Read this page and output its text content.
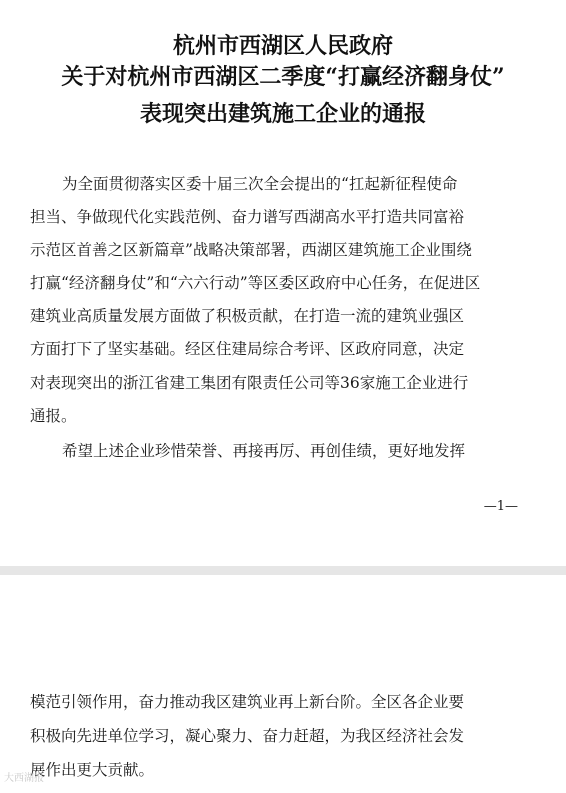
杭州市西湖区人民政府
关于对杭州市西湖区二季度“打赢经济翻身仗”
表现突出建筑施工企业的通报
为全面贯彻落实区委十届三次全会提出的“扛起新征程使命
担当、争做现代化实践范例、奋力谱写西湖高水平打造共同富裕
示范区首善之区新篇章”战略决策部署，西湖区建筑施工企业围绕
打赢“经济翻身仗”和“六六行动”等区委区政府中心任务，在促进区
建筑业高质量发展方面做了积极贡献，在打造一流的建筑业强区
方面打下了坚实基础。经区住建局综合考评、区政府同意，决定
对表现突出的浙江省建工集团有限责任公司等36家施工企业进行
通报。
希望上述企业珍惜荣誉、再接再厉、再创佳绩，更好地发挥
—1—
模范引领作用，奋力推动我区建筑业再上新台阶。全区各企业要
积极向先进单位学习，凝心聚力、奋力赶超，为我区经济社会发
展作出更大贡献。
大西湖报
